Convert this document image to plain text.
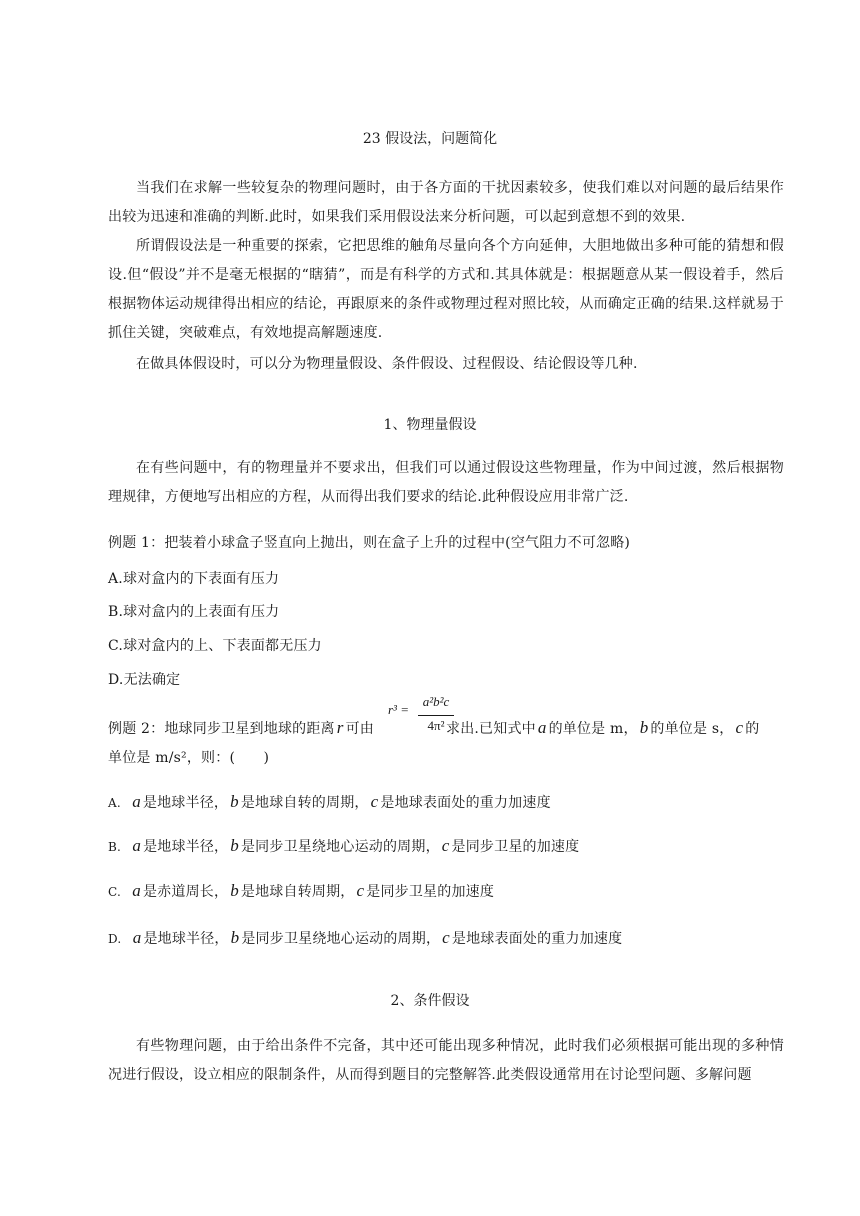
23 假设法，问题简化
当我们在求解一些较复杂的物理问题时，由于各方面的干扰因素较多，使我们难以对问题的最后结果作出较为迅速和准确的判断.此时，如果我们采用假设法来分析问题，可以起到意想不到的效果.
所谓假设法是一种重要的探索，它把思维的触角尽量向各个方向延伸，大胆地做出多种可能的猜想和假设.但“假设”并不是毫无根据的“瞎猜”，而是有科学的方式和.其具体就是：根据题意从某一假设着手，然后根据物体运动规律得出相应的结论，再跟原来的条件或物理过程对照比较，从而确定正确的结果.这样就易于抓住关键，突破难点，有效地提高解题速度.
在做具体假设时，可以分为物理量假设、条件假设、过程假设、结论假设等几种.
1、物理量假设
在有些问题中，有的物理量并不要求出，但我们可以通过假设这些物理量，作为中间过渡，然后根据物理规律，方便地写出相应的方程，从而得出我们要求的结论.此种假设应用非常广泛.
例题 1：把装着小球盒子竖直向上抛出，则在盒子上升的过程中(空气阻力不可忽略)
A.球对盒内的下表面有压力
B.球对盒内的上表面有压力
C.球对盒内的上、下表面都无压力
D.无法确定
例题 2：地球同步卫星到地球的距离 r 可由	求出.已知式中 a 的单位是 m， b 的单位是 s， c 的
单位是 m/s²，则：(　　)
r³ =
a²b²c
4π²
A. a 是地球半径， b 是地球自转的周期， c 是地球表面处的重力加速度
B. a 是地球半径， b 是同步卫星绕地心运动的周期， c 是同步卫星的加速度
C. a 是赤道周长， b 是地球自转周期， c 是同步卫星的加速度
D. a 是地球半径， b 是同步卫星绕地心运动的周期， c 是地球表面处的重力加速度
2、条件假设
有些物理问题，由于给出条件不完备，其中还可能出现多种情况，此时我们必须根据可能出现的多种情况进行假设，设立相应的限制条件，从而得到题目的完整解答.此类假设通常用在讨论型问题、多解问题
